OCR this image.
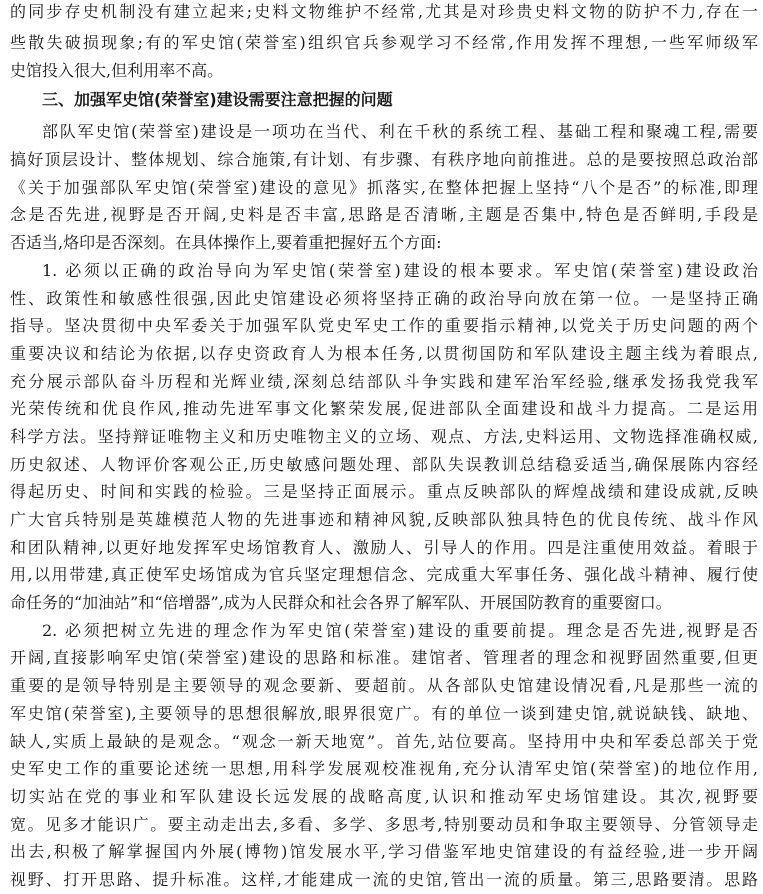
的同步存史机制没有建立起来;史料文物维护不经常,尤其是对珍贵史料文物的防护不力,存在一
些散失破损现象;有的军史馆(荣誉室)组织官兵参观学习不经常,作用发挥不理想,一些军师级军
史馆投入很大,但利用率不高。
三、加强军史馆(荣誉室)建设需要注意把握的问题
部队军史馆(荣誉室)建设是一项功在当代、利在千秋的系统工程、基础工程和聚魂工程,需要
搞好顶层设计、整体规划、综合施策,有计划、有步骤、有秩序地向前推进。总的是要按照总政治部
《关于加强部队军史馆(荣誉室)建设的意见》抓落实,在整体把握上坚持“八个是否”的标准,即理
念是否先进,视野是否开阔,史料是否丰富,思路是否清晰,主题是否集中,特色是否鲜明,手段是
否适当,烙印是否深刻。在具体操作上,要着重把握好五个方面:
1. 必须以正确的政治导向为军史馆(荣誉室)建设的根本要求。军史馆(荣誉室)建设政治
性、政策性和敏感性很强,因此史馆建设必须将坚持正确的政治导向放在第一位。一是坚持正确
指导。坚决贯彻中央军委关于加强军队党史军史工作的重要指示精神,以党关于历史问题的两个
重要决议和结论为依据,以存史资政育人为根本任务,以贯彻国防和军队建设主题主线为着眼点,
充分展示部队奋斗历程和光辉业绩,深刻总结部队斗争实践和建军治军经验,继承发扬我党我军
光荣传统和优良作风,推动先进军事文化繁荣发展,促进部队全面建设和战斗力提高。二是运用
科学方法。坚持辩证唯物主义和历史唯物主义的立场、观点、方法,史料运用、文物选择准确权威,
历史叙述、人物评价客观公正,历史敏感问题处理、部队失误教训总结稳妥适当,确保展陈内容经
得起历史、时间和实践的检验。三是坚持正面展示。重点反映部队的辉煌战绩和建设成就,反映
广大官兵特别是英雄模范人物的先进事迹和精神风貌,反映部队独具特色的优良传统、战斗作风
和团队精神,以更好地发挥军史场馆教育人、激励人、引导人的作用。四是注重使用效益。着眼于
用,以用带建,真正使军史场馆成为官兵坚定理想信念、完成重大军事任务、强化战斗精神、履行使
命任务的“加油站”和“倍增器”,成为人民群众和社会各界了解军队、开展国防教育的重要窗口。
2. 必须把树立先进的理念作为军史馆(荣誉室)建设的重要前提。理念是否先进,视野是否
开阔,直接影响军史馆(荣誉室)建设的思路和标准。建馆者、管理者的理念和视野固然重要,但更
重要的是领导特别是主要领导的观念要新、要超前。从各部队史馆建设情况看,凡是那些一流的
军史馆(荣誉室),主要领导的思想很解放,眼界很宽广。有的单位一谈到建史馆,就说缺钱、缺地、
缺人,实质上最缺的是观念。“观念一新天地宽”。首先,站位要高。坚持用中央和军委总部关于党
史军史工作的重要论述统一思想,用科学发展观校准视角,充分认清军史馆(荣誉室)的地位作用,
切实站在党的事业和军队建设长远发展的战略高度,认识和推动军史场馆建设。其次,视野要
宽。见多才能识广。要主动走出去,多看、多学、多思考,特别要动员和争取主要领导、分管领导走
出去,积极了解掌握国内外展(博物)馆发展水平,学习借鉴军地史馆建设的有益经验,进一步开阔
视野、打开思路、提升标准。这样,才能建成一流的史馆,管出一流的质量。第三,思路要清。思路
